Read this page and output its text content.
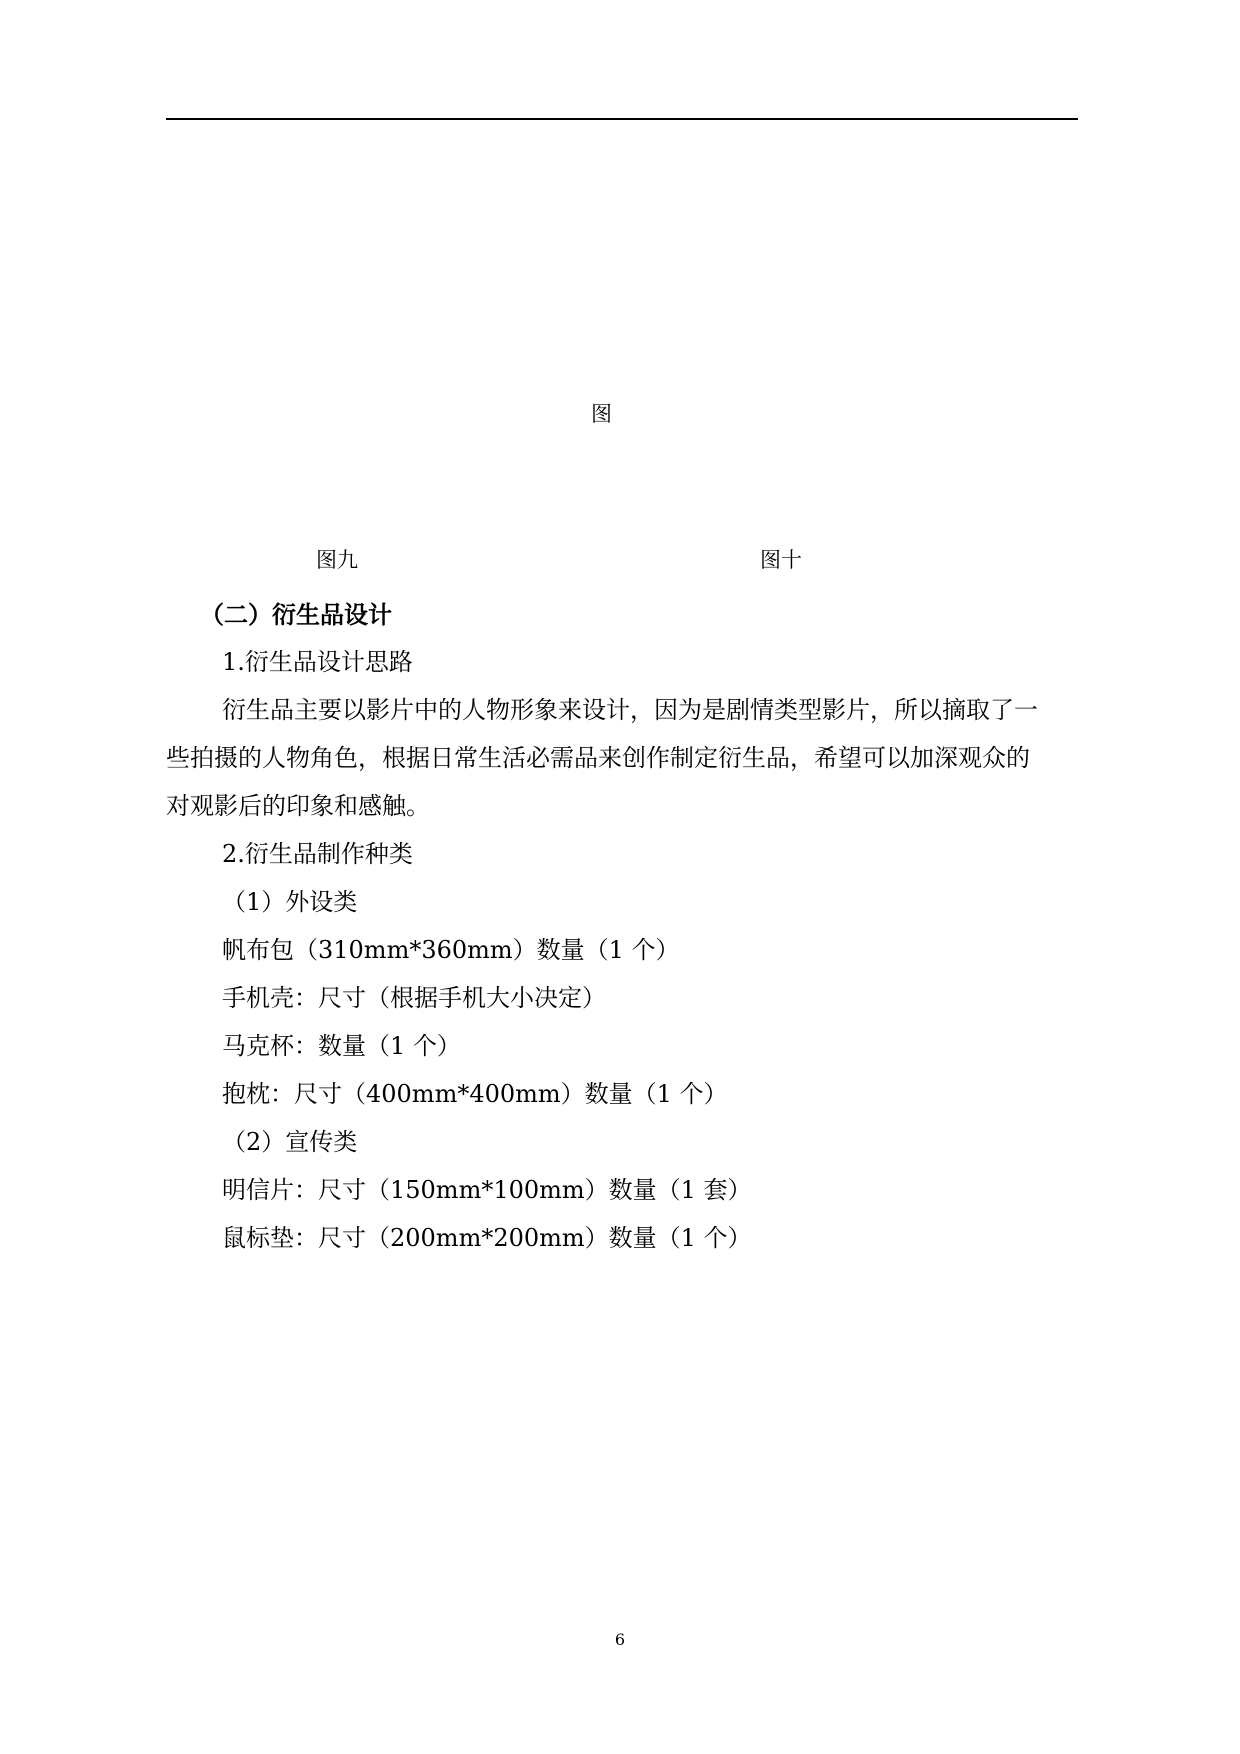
图
图九	图十
（二）衍生品设计
1.衍生品设计思路
衍生品主要以影片中的人物形象来设计，因为是剧情类型影片，所以摘取了一
些拍摄的人物角色，根据日常生活必需品来创作制定衍生品，希望可以加深观众的
对观影后的印象和感触。
2.衍生品制作种类
（1）外设类
帆布包（310mm*360mm）数量（1 个）
手机壳：尺寸（根据手机大小决定）
马克杯：数量（1 个）
抱枕：尺寸（400mm*400mm）数量（1 个）
（2）宣传类
明信片：尺寸（150mm*100mm）数量（1 套）
鼠标垫：尺寸（200mm*200mm）数量（1 个）
6
